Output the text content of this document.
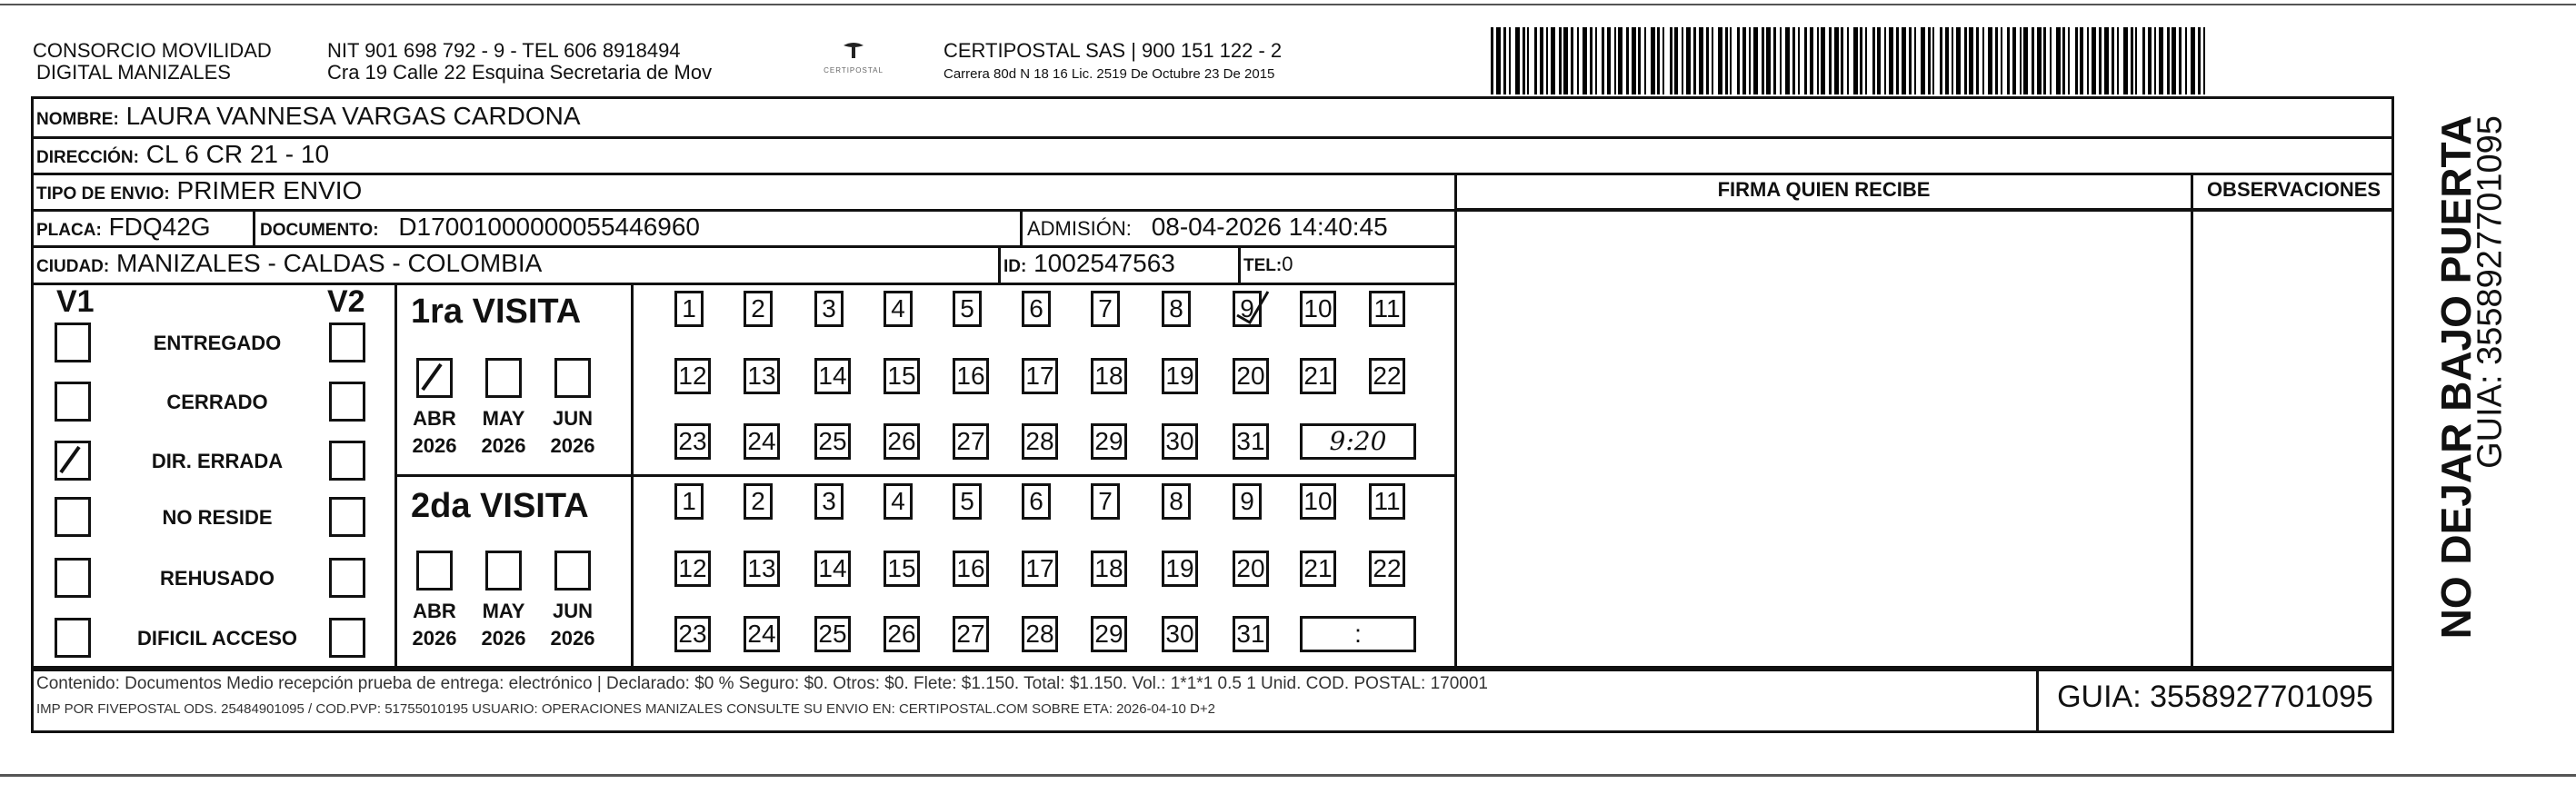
CONSORCIO MOVILIDAD
DIGITAL MANIZALES
NIT 901 698 792 - 9 - TEL 606 8918494
Cra 19 Calle 22 Esquina Secretaria de Mov	CERTIPOSTAL
CERTIPOSTAL SAS | 900 151 122 - 2
Carrera 80d N 18 16 Lic. 2519 De Octubre 23 De 2015
NOMBRE: LAURA VANNESA VARGAS CARDONA
DIRECCIÓN: CL 6 CR 21 - 10
TIPO DE ENVIO: PRIMER ENVIO
PLACA: FDQ42G	DOCUMENTO: D17001000000055446960	ADMISIÓN: 08-04-2026 14:40:45
CIUDAD: MANIZALES - CALDAS - COLOMBIA	ID: 1002547563	TEL:0
FIRMA QUIEN RECIBE	OBSERVACIONES
V1	V2
ENTREGADO
CERRADO
DIR. ERRADA
NO RESIDE
REHUSADO
DIFICIL ACCESO
1ra VISITA
ABR
2026
MAY
2026
JUN
2026
1 2 3 4 5 6 7 8 9 10 11
12 13 14 15 16 17 18 19 20 21 22
23 24 25 26 27 28 29 30 31	9:20
2da VISITA
ABR
2026
MAY
2026
JUN
2026
1 2 3 4 5 6 7 8 9 10 11
12 13 14 15 16 17 18 19 20 21 22
23 24 25 26 27 28 29 30 31	:	NO DEJAR BAJO PUERTA
GUIA: 3558927701095
Contenido: Documentos Medio recepción prueba de entrega: electrónico | Declarado: $0 % Seguro: $0. Otros: $0. Flete: $1.150. Total: $1.150. Vol.: 1*1*1 0.5 1 Unid. COD. POSTAL: 170001
IMP POR FIVEPOSTAL ODS. 25484901095 / COD.PVP: 51755010195 USUARIO: OPERACIONES MANIZALES CONSULTE SU ENVIO EN: CERTIPOSTAL.COM SOBRE ETA: 2026-04-10 D+2	GUIA: 3558927701095
